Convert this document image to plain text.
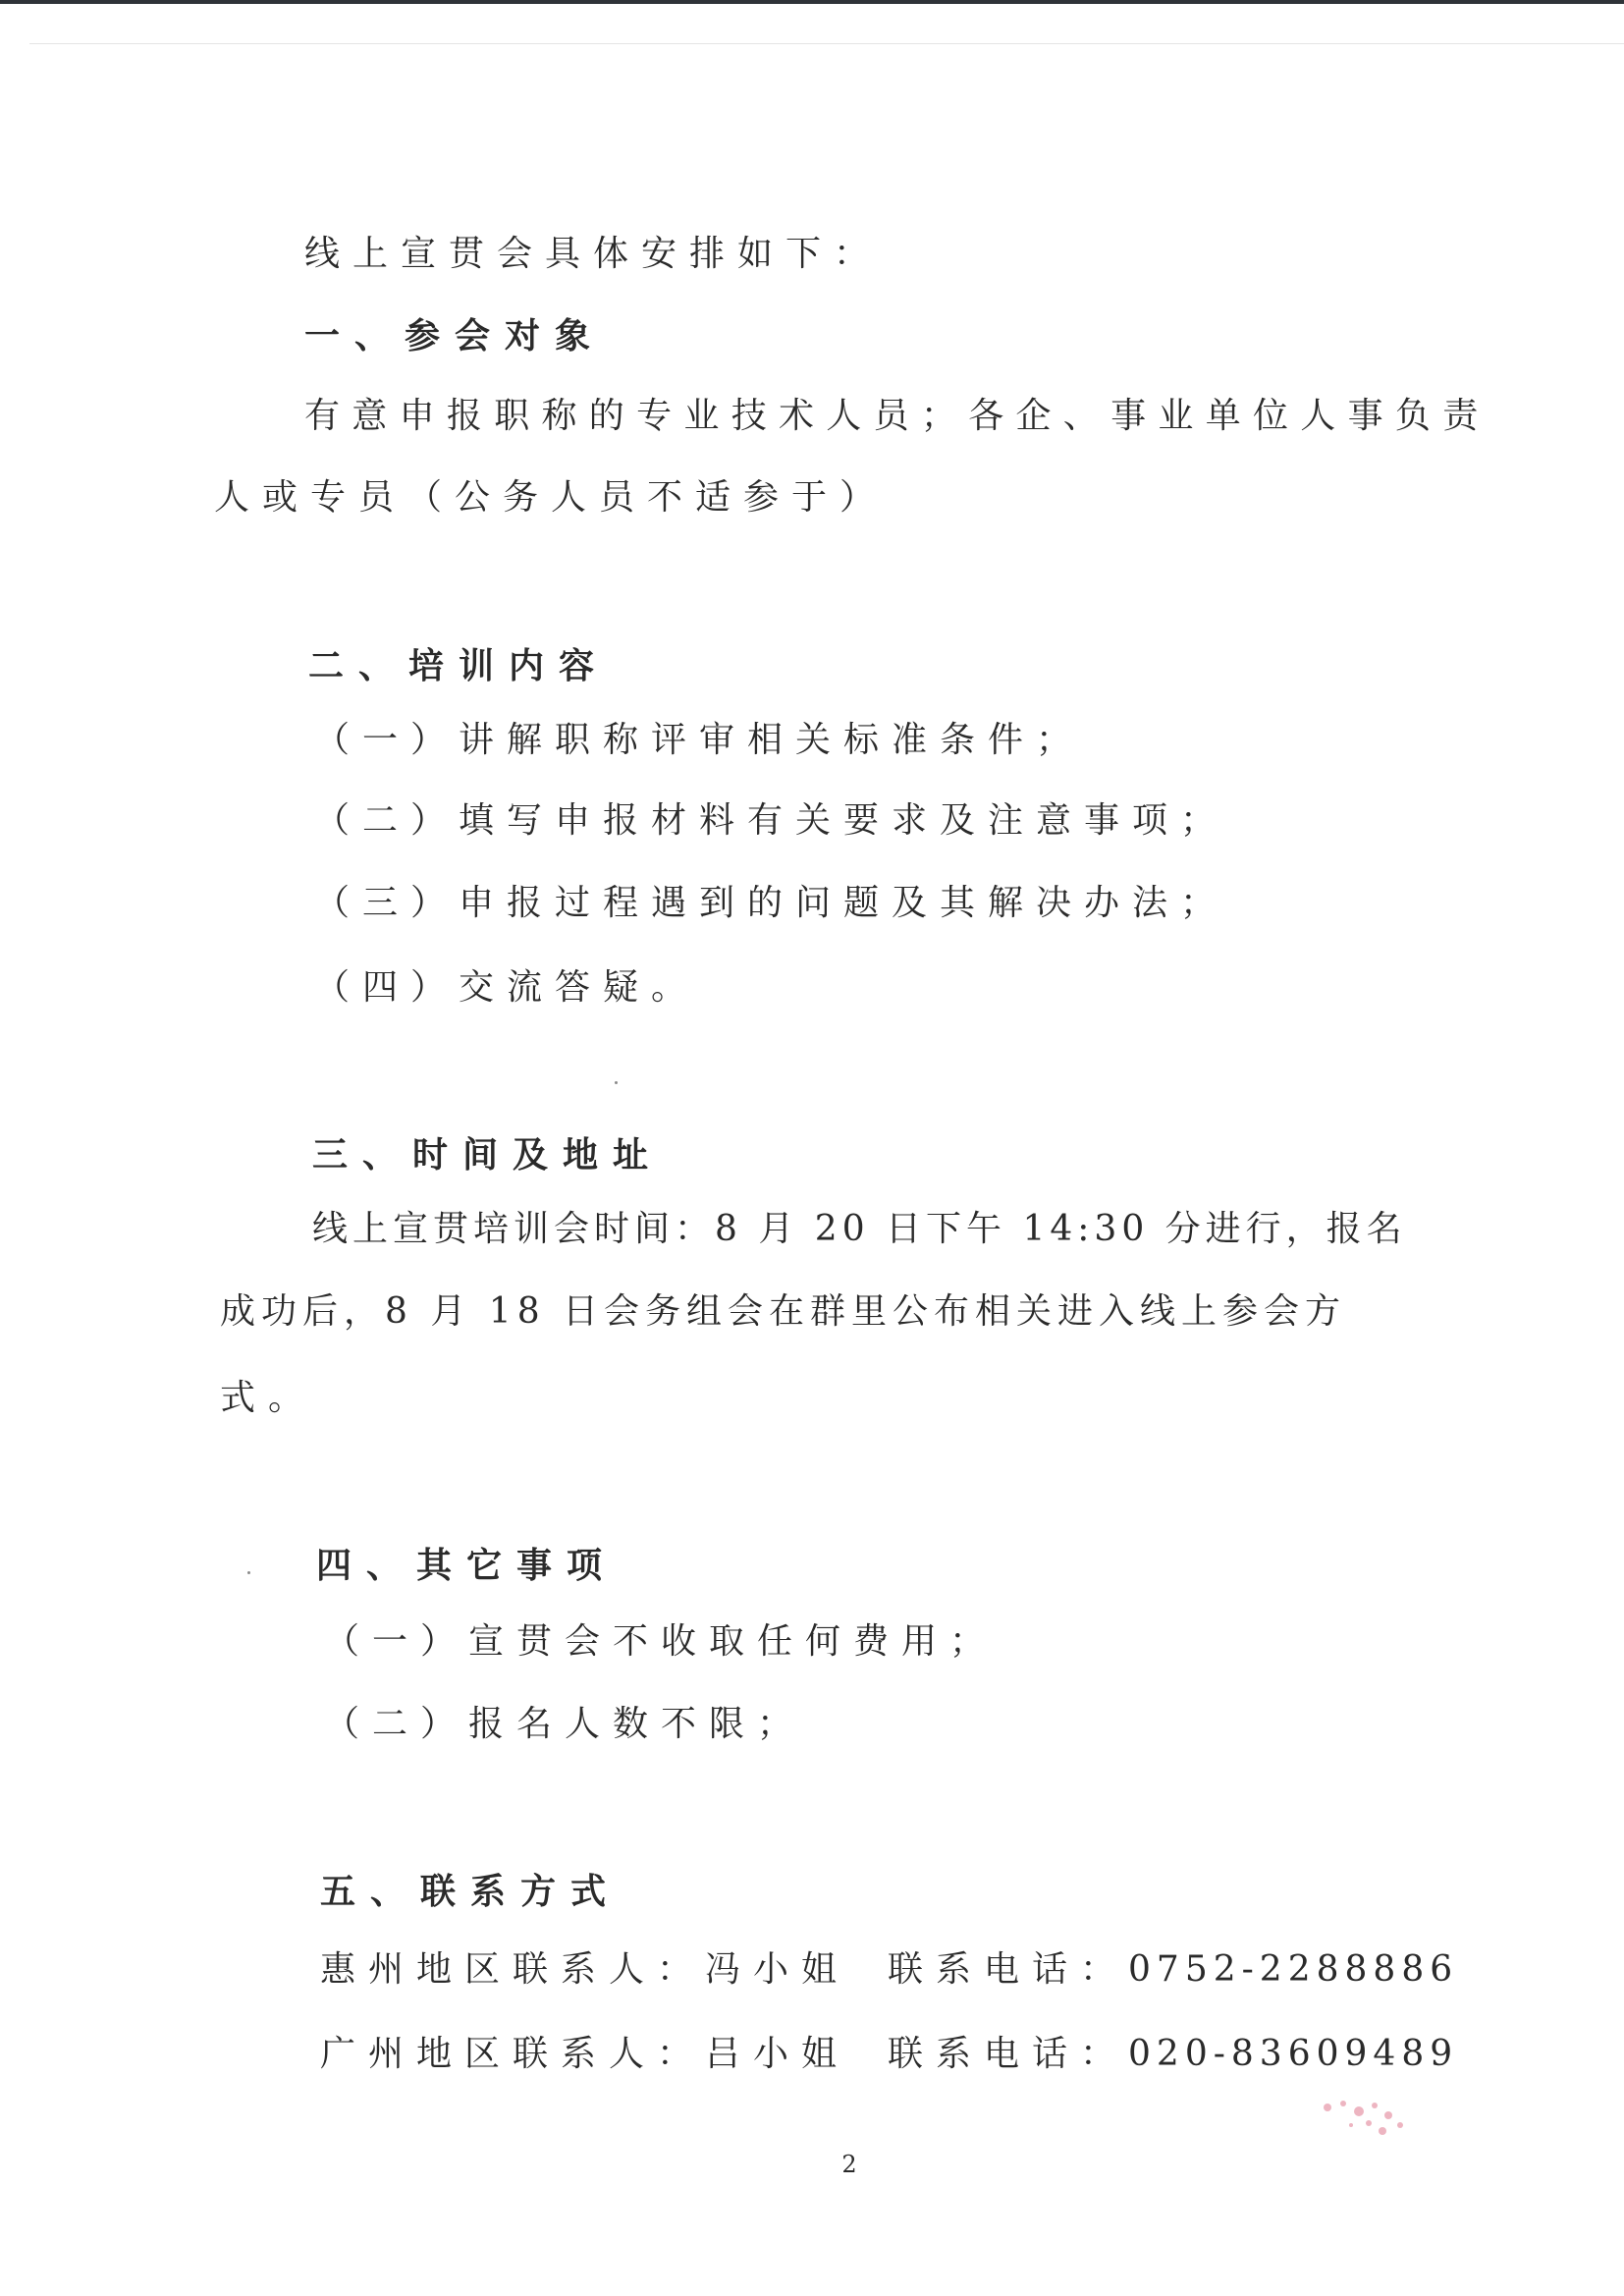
线上宣贯会具体安排如下：
一、参会对象
有意申报职称的专业技术人员；各企、事业单位人事负责
人或专员（公务人员不适参于）
二、培训内容
（一）讲解职称评审相关标准条件；
（二）填写申报材料有关要求及注意事项；
（三）申报过程遇到的问题及其解决办法；
（四）交流答疑。
三、时间及地址
线上宣贯培训会时间：8 月 20 日下午 14:30 分进行，报名
成功后，8 月 18 日会务组会在群里公布相关进入线上参会方
式。
四、其它事项
（一）宣贯会不收取任何费用；
（二）报名人数不限；
五、联系方式
惠州地区联系人：冯小姐 联系电话：0752-2288886
广州地区联系人：吕小姐 联系电话：020-83609489
2
